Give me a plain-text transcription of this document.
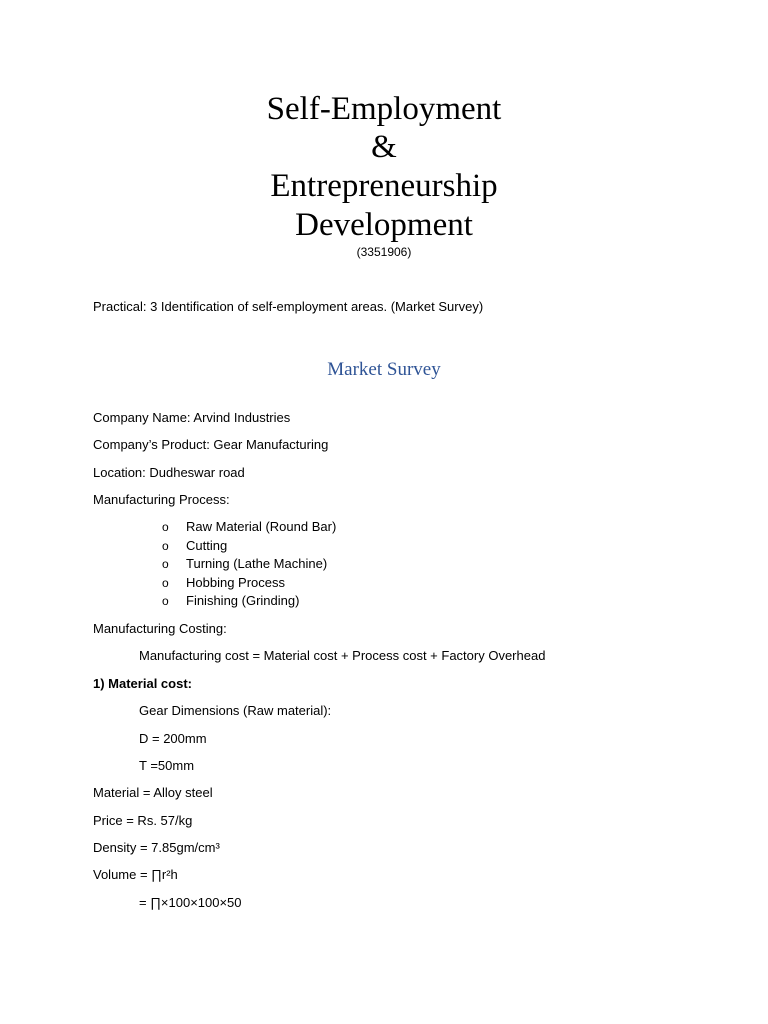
Self-Employment
&
Entrepreneurship
Development
(3351906)
Practical: 3 Identification of self-employment areas. (Market Survey)
Market Survey
Company Name: Arvind Industries
Company’s Product: Gear Manufacturing
Location: Dudheswar road
Manufacturing Process:
o Raw Material (Round Bar)
o Cutting
o Turning (Lathe Machine)
o Hobbing Process
o Finishing (Grinding)
Manufacturing Costing:
Manufacturing cost = Material cost + Process cost + Factory Overhead
1) Material cost:
Gear Dimensions (Raw material):
D = 200mm
T =50mm
Material = Alloy steel
Price = Rs. 57/kg
Density = 7.85gm/cm³
Volume = ∏r²h
= ∏×100×100×50
